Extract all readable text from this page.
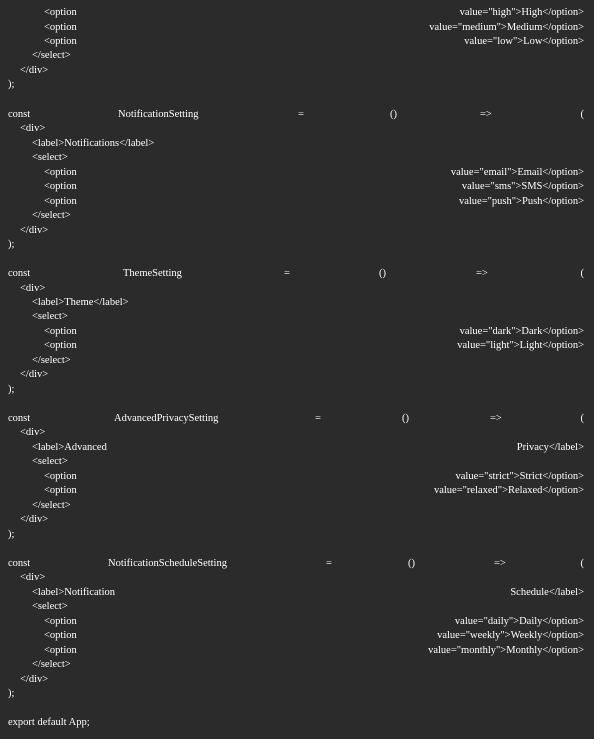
<option	value="high">High</option>
<option	value="medium">Medium</option>
<option	value="low">Low</option>
</select>
</div>
);
const	NotificationSetting	=	()	=>	(
<div>
<label>Notifications</label>
<select>
<option	value="email">Email</option>
<option	value="sms">SMS</option>
<option	value="push">Push</option>
</select>
</div>
);
const	ThemeSetting	=	()	=>	(
<div>
<label>Theme</label>
<select>
<option	value="dark">Dark</option>
<option	value="light">Light</option>
</select>
</div>
);
const	AdvancedPrivacySetting	=	()	=>	(
<div>
<label>Advanced	Privacy</label>
<select>
<option	value="strict">Strict</option>
<option	value="relaxed">Relaxed</option>
</select>
</div>
);
const	NotificationScheduleSetting	=	()	=>	(
<div>
<label>Notification	Schedule</label>
<select>
<option	value="daily">Daily</option>
<option	value="weekly">Weekly</option>
<option	value="monthly">Monthly</option>
</select>
</div>
);
export default App;
